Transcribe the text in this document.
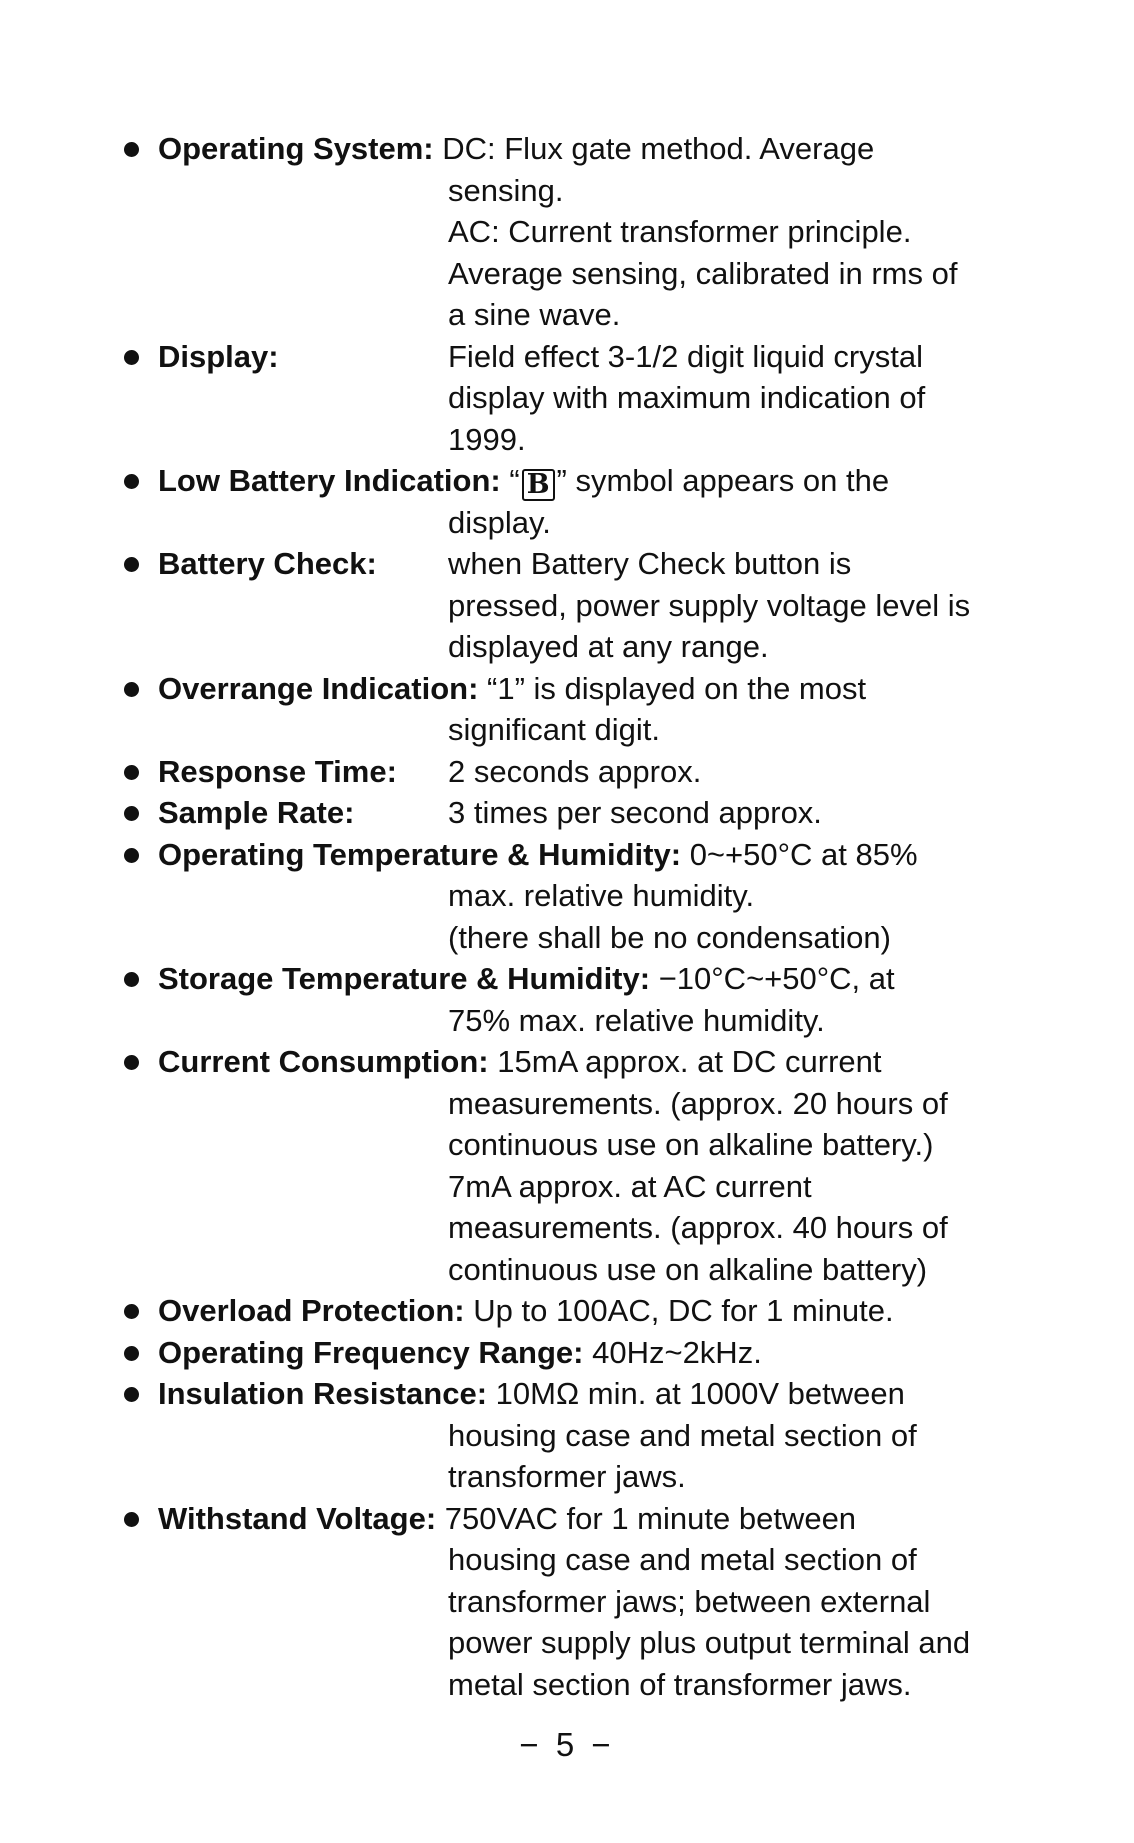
Operating System: DC: Flux gate method. Average
sensing.
AC: Current transformer principle.
Average sensing, calibrated in rms of
a sine wave.
Display:	Field effect 3-1/2 digit liquid crystal
display with maximum indication of
1999.
Low Battery Indication: “ B ” symbol appears on the
display.
Battery Check:	when Battery Check button is
pressed, power supply voltage level is
displayed at any range.
Overrange Indication: “1” is displayed on the most
significant digit.
Response Time:	2 seconds approx.
Sample Rate:	3 times per second approx.
Operating Temperature & Humidity: 0~+50°C at 85%
max. relative humidity.
(there shall be no condensation)
Storage Temperature & Humidity: −10°C~+50°C, at
75% max. relative humidity.
Current Consumption: 15mA approx. at DC current
measurements. (approx. 20 hours of
continuous use on alkaline battery.)
7mA approx. at AC current
measurements. (approx. 40 hours of
continuous use on alkaline battery)
Overload Protection: Up to 100AC, DC for 1 minute.
Operating Frequency Range: 40Hz~2kHz.
Insulation Resistance: 10MΩ min. at 1000V between
housing case and metal section of
transformer jaws.
Withstand Voltage: 750VAC for 1 minute between
housing case and metal section of
transformer jaws; between external
power supply plus output terminal and
metal section of transformer jaws.
− 5 −
